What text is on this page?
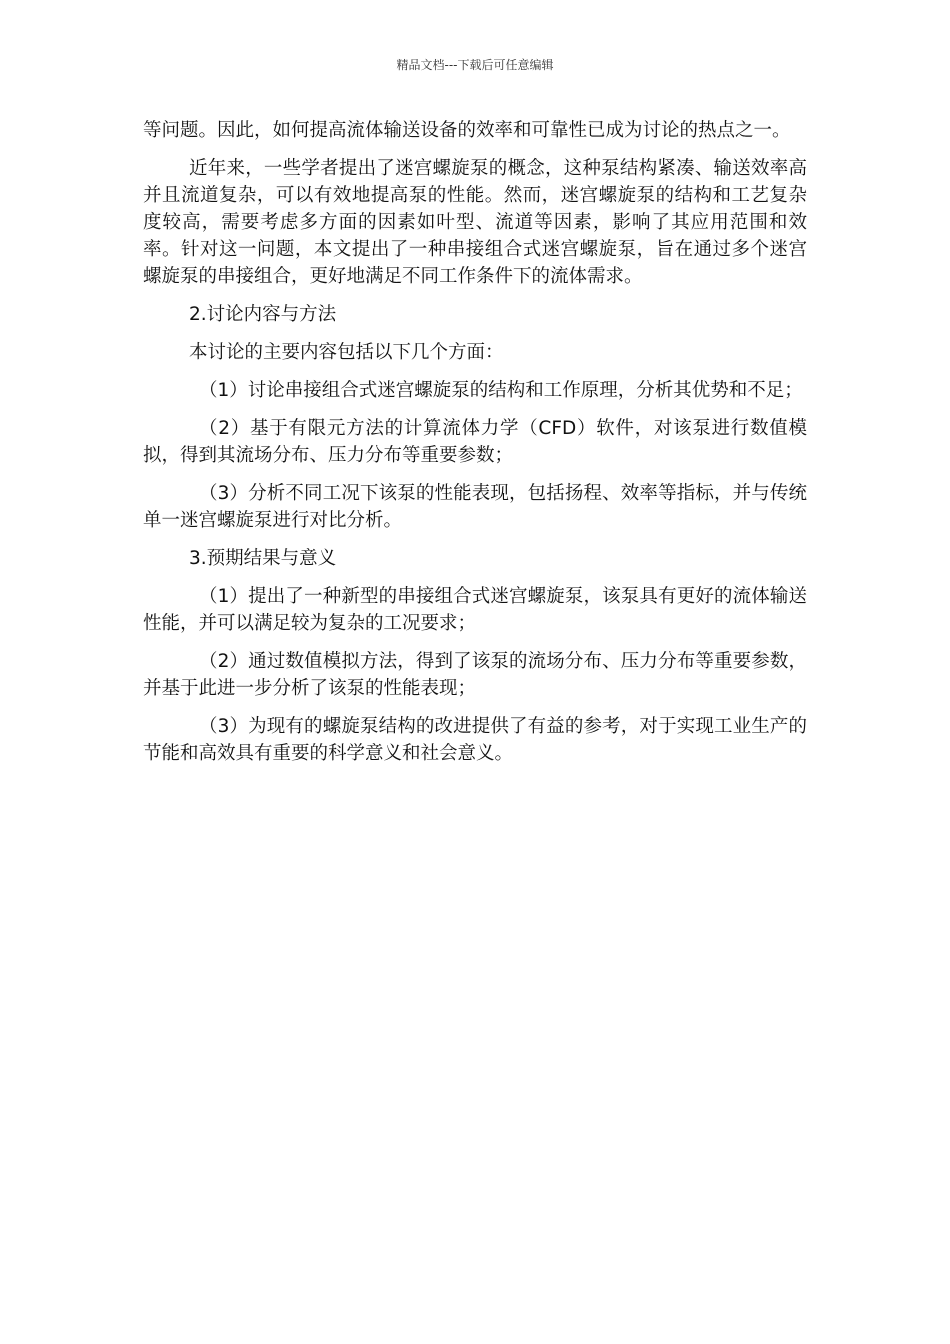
精品文档---下载后可任意编辑

等问题。因此，如何提高流体输送设备的效率和可靠性已成为讨论的热点之一。

近年来，一些学者提出了迷宫螺旋泵的概念，这种泵结构紧凑、输送效率高并且流道复杂，可以有效地提高泵的性能。然而，迷宫螺旋泵的结构和工艺复杂度较高，需要考虑多方面的因素如叶型、流道等因素，影响了其应用范围和效率。针对这一问题，本文提出了一种串接组合式迷宫螺旋泵，旨在通过多个迷宫螺旋泵的串接组合，更好地满足不同工作条件下的流体需求。

2.讨论内容与方法

本讨论的主要内容包括以下几个方面：

（1）讨论串接组合式迷宫螺旋泵的结构和工作原理，分析其优势和不足；

（2）基于有限元方法的计算流体力学（CFD）软件，对该泵进行数值模拟，得到其流场分布、压力分布等重要参数；

（3）分析不同工况下该泵的性能表现，包括扬程、效率等指标，并与传统单一迷宫螺旋泵进行对比分析。

3.预期结果与意义

（1）提出了一种新型的串接组合式迷宫螺旋泵，该泵具有更好的流体输送性能，并可以满足较为复杂的工况要求；

（2）通过数值模拟方法，得到了该泵的流场分布、压力分布等重要参数，并基于此进一步分析了该泵的性能表现；

（3）为现有的螺旋泵结构的改进提供了有益的参考，对于实现工业生产的节能和高效具有重要的科学意义和社会意义。
